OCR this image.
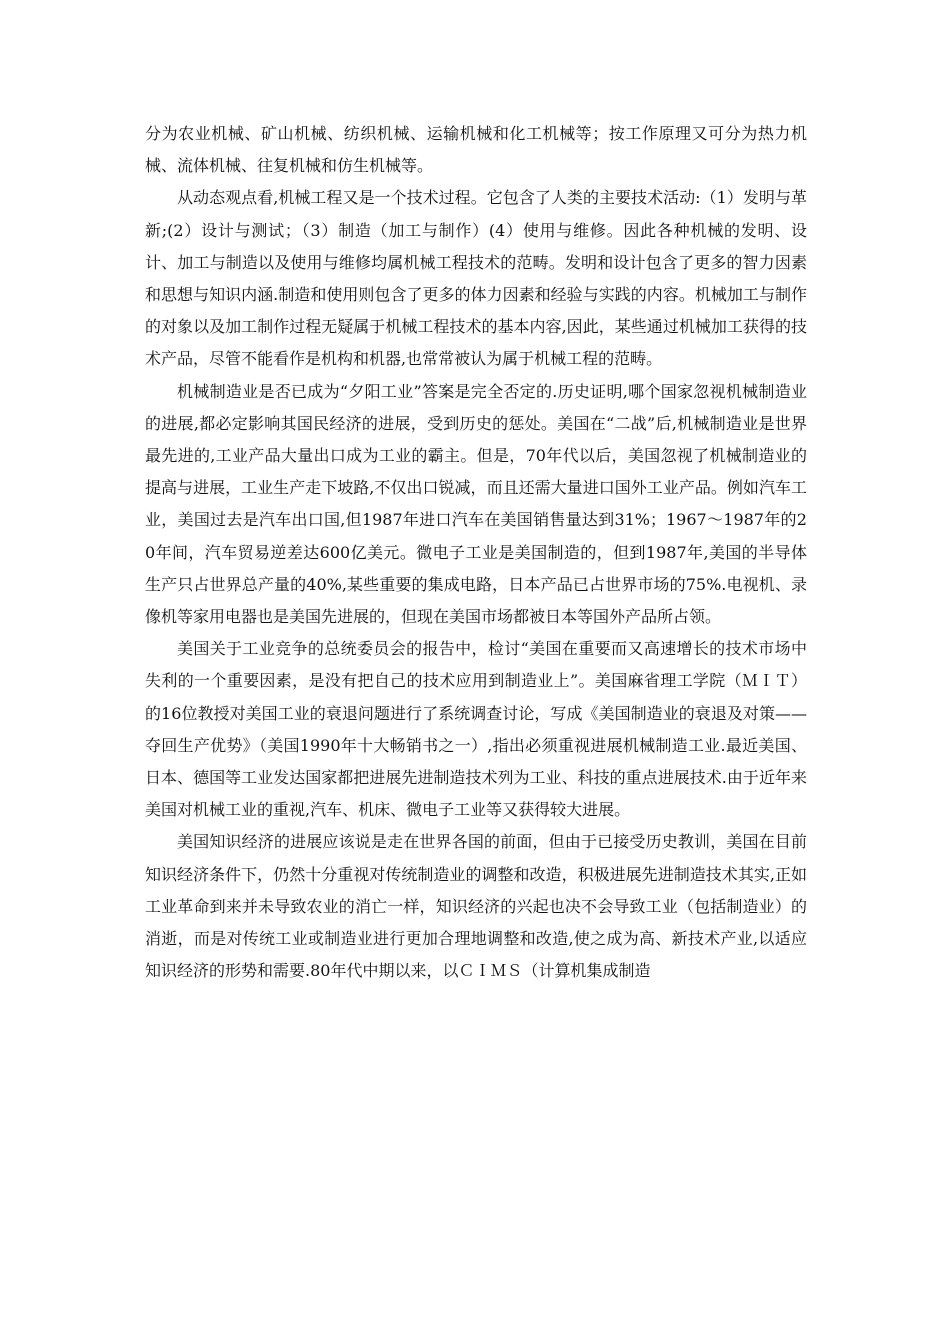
分为农业机械、矿山机械、纺织机械、运输机械和化工机械等；按工作原理又可分为热力机械、流体机械、往复机械和仿生机械等。

从动态观点看,机械工程又是一个技术过程。它包含了人类的主要技术活动:（1）发明与革新;(2）设计与测试；（3）制造（加工与制作）(4）使用与维修。因此各种机械的发明、设计、加工与制造以及使用与维修均属机械工程技术的范畴。发明和设计包含了更多的智力因素和思想与知识内涵.制造和使用则包含了更多的体力因素和经验与实践的内容。机械加工与制作的对象以及加工制作过程无疑属于机械工程技术的基本内容,因此，某些通过机械加工获得的技术产品，尽管不能看作是机构和机器,也常常被认为属于机械工程的范畴。

机械制造业是否已成为“夕阳工业”答案是完全否定的.历史证明,哪个国家忽视机械制造业的进展,都必定影响其国民经济的进展，受到历史的惩处。美国在“二战”后,机械制造业是世界最先进的,工业产品大量出口成为工业的霸主。但是，70年代以后，美国忽视了机械制造业的提高与进展，工业生产走下坡路,不仅出口锐减，而且还需大量进口国外工业产品。例如汽车工业，美国过去是汽车出口国,但1987年进口汽车在美国销售量达到31%；1967～1987年的20年间，汽车贸易逆差达600亿美元。微电子工业是美国制造的，但到1987年,美国的半导体生产只占世界总产量的40%,某些重要的集成电路，日本产品已占世界市场的75%.电视机、录像机等家用电器也是美国先进展的，但现在美国市场都被日本等国外产品所占领。

美国关于工业竞争的总统委员会的报告中，检讨“美国在重要而又高速增长的技术市场中失利的一个重要因素，是没有把自己的技术应用到制造业上”。美国麻省理工学院（ＭＩＴ）的16位教授对美国工业的衰退问题进行了系统调查讨论，写成《美国制造业的衰退及对策——夺回生产优势》（美国1990年十大畅销书之一）,指出必须重视进展机械制造工业.最近美国、日本、德国等工业发达国家都把进展先进制造技术列为工业、科技的重点进展技术.由于近年来美国对机械工业的重视,汽车、机床、微电子工业等又获得较大进展。

美国知识经济的进展应该说是走在世界各国的前面，但由于已接受历史教训，美国在目前知识经济条件下，仍然十分重视对传统制造业的调整和改造，积极进展先进制造技术其实,正如工业革命到来并未导致农业的消亡一样，知识经济的兴起也决不会导致工业（包括制造业）的消逝，而是对传统工业或制造业进行更加合理地调整和改造,使之成为高、新技术产业,以适应知识经济的形势和需要.80年代中期以来，以ＣＩＭＳ（计算机集成制造
